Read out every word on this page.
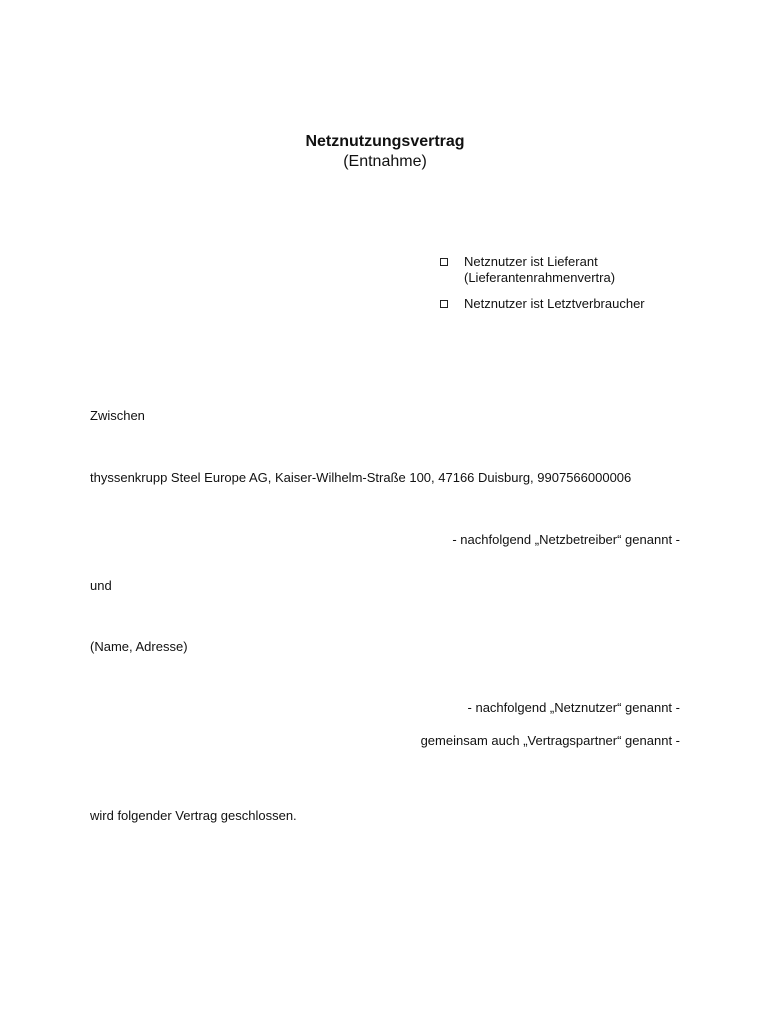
Netznutzungsvertrag
(Entnahme)
Netznutzer ist Lieferant
(Lieferantenrahmenvertra)
Netznutzer ist Letztverbraucher
Zwischen
thyssenkrupp Steel Europe AG, Kaiser-Wilhelm-Straße 100, 47166 Duisburg, 9907566000006
- nachfolgend „Netzbetreiber“ genannt -
und
(Name, Adresse)
- nachfolgend „Netznutzer“ genannt -
gemeinsam auch „Vertragspartner“ genannt -
wird folgender Vertrag geschlossen.
